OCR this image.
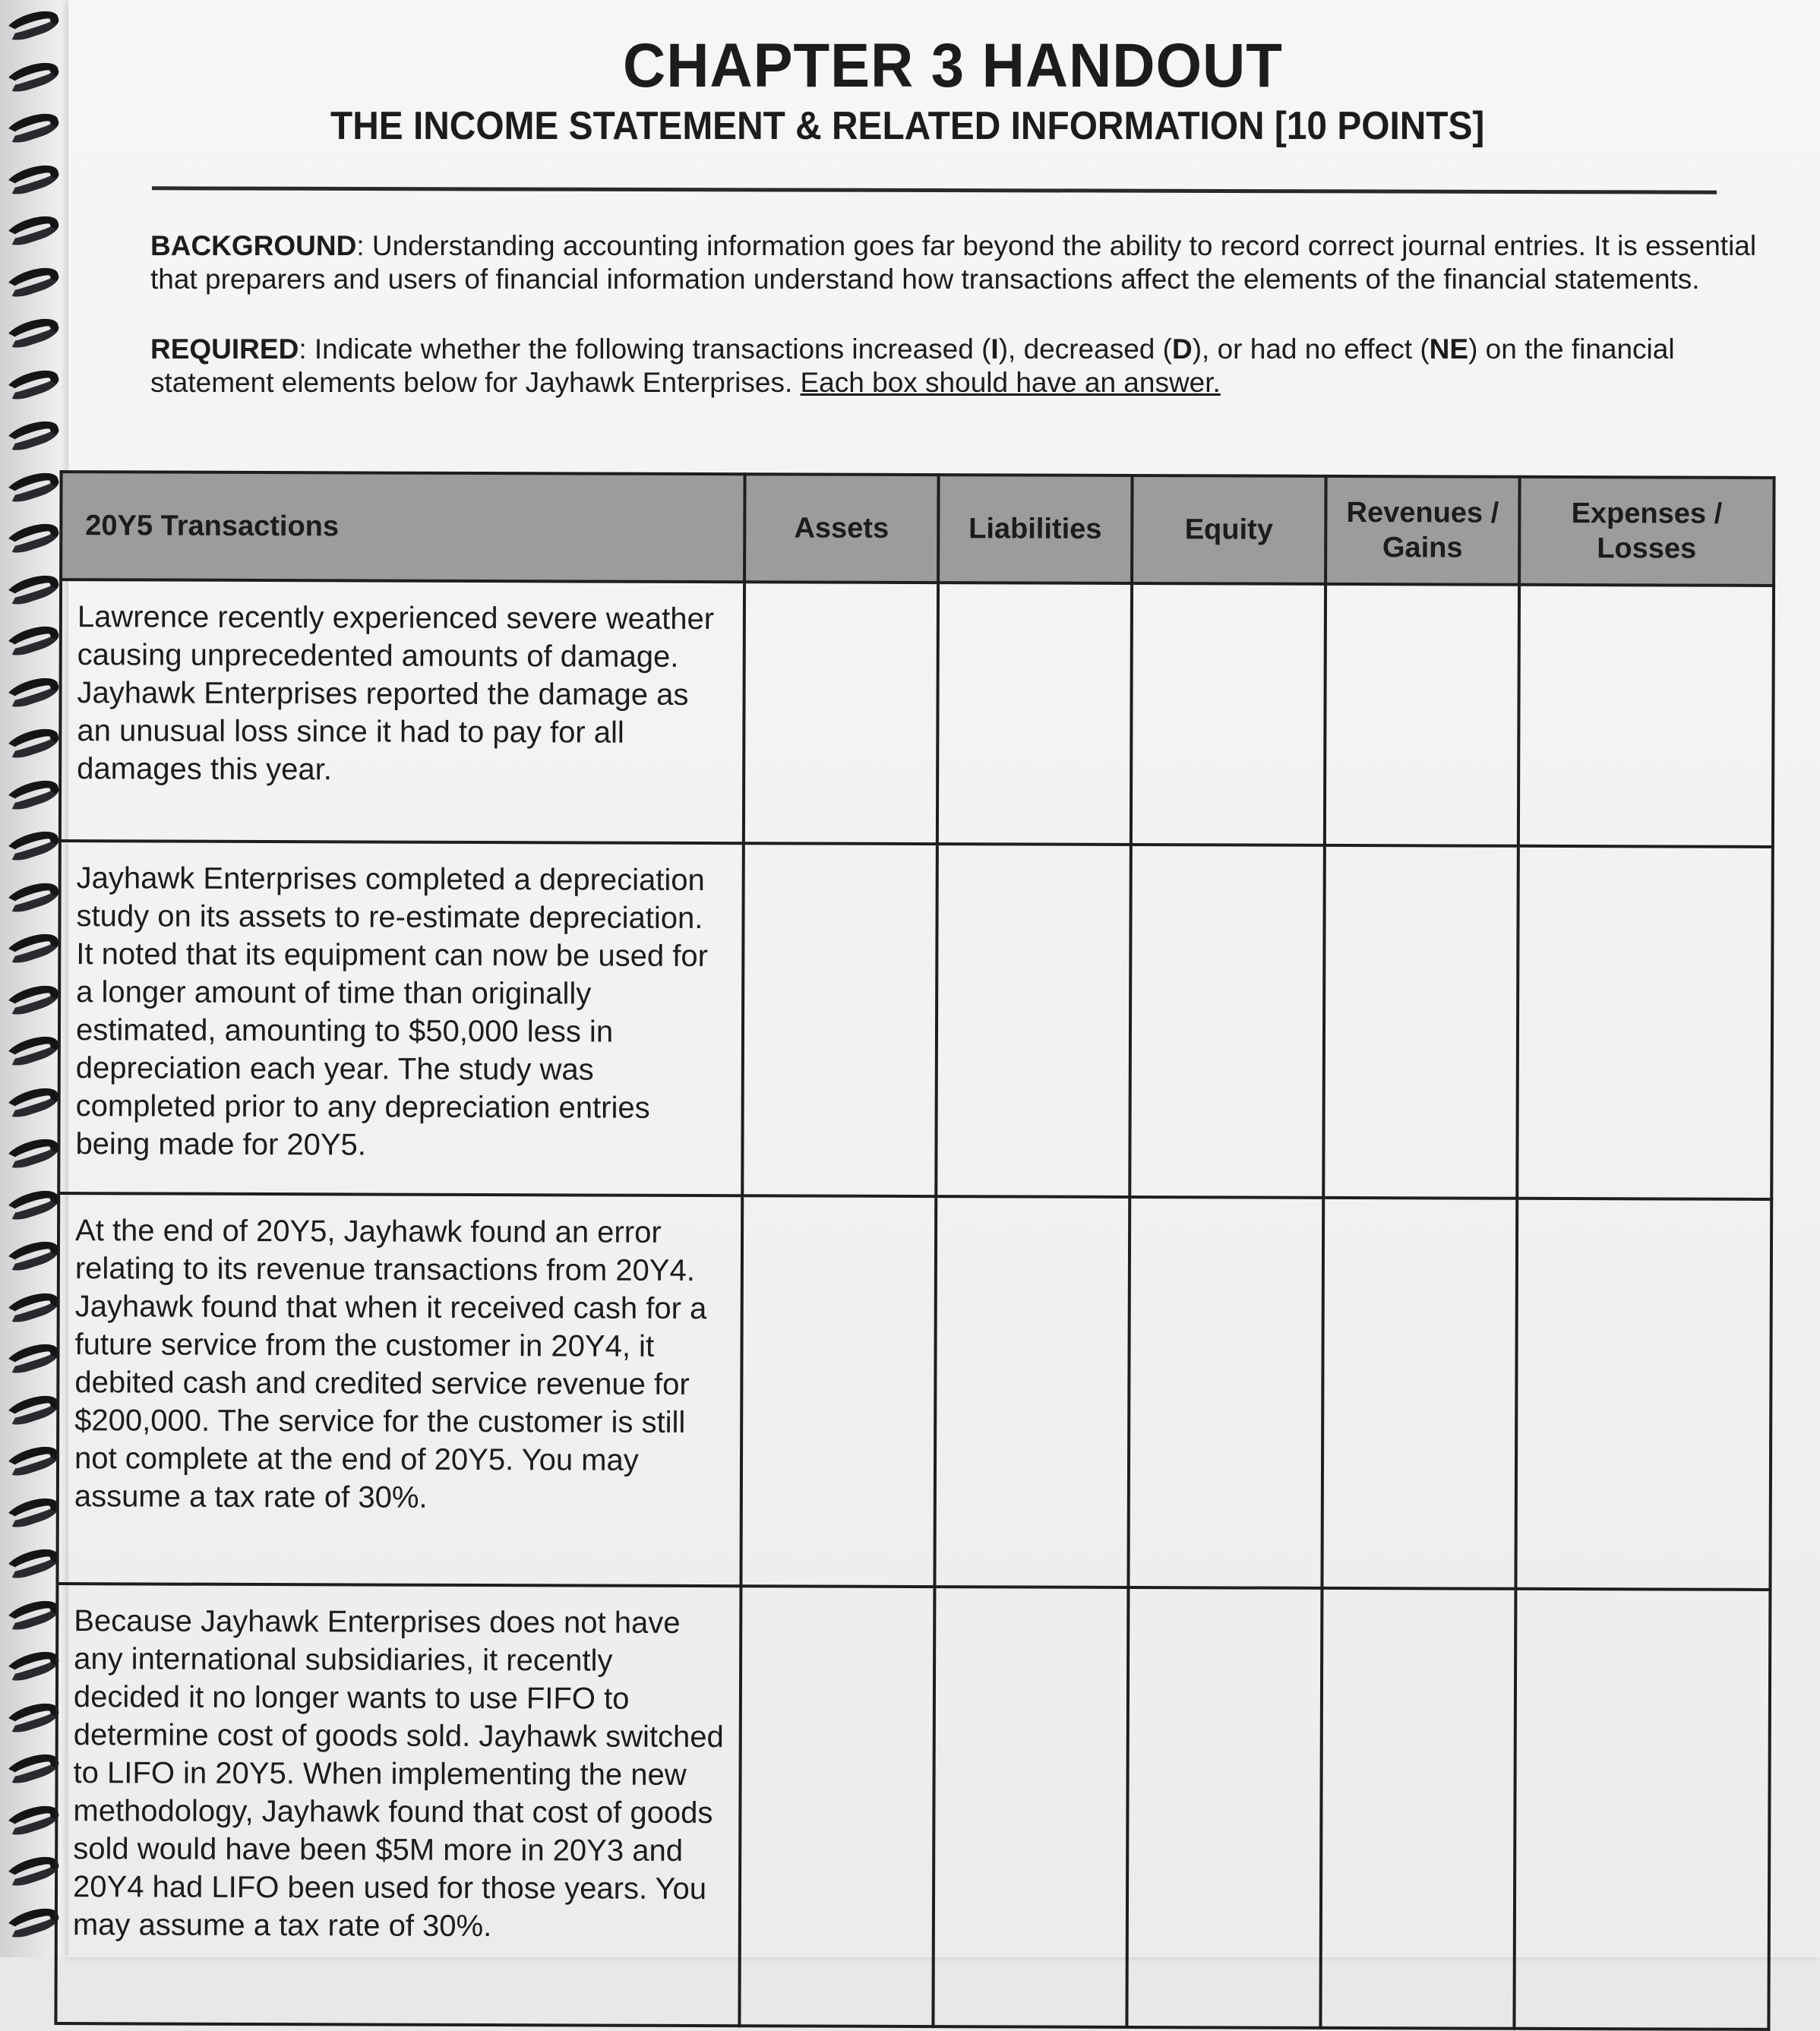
CHAPTER 3 HANDOUT
THE INCOME STATEMENT & RELATED INFORMATION [10 POINTS]

BACKGROUND: Understanding accounting information goes far beyond the ability to record correct journal entries. It is essential that preparers and users of financial information understand how transactions affect the elements of the financial statements.

REQUIRED: Indicate whether the following transactions increased (I), decreased (D), or had no effect (NE) on the financial statement elements below for Jayhawk Enterprises. Each box should have an answer.

20Y5 Transactions	Assets	Liabilities	Equity	Revenues / Gains	Expenses / Losses
Lawrence recently experienced severe weather causing unprecedented amounts of damage. Jayhawk Enterprises reported the damage as an unusual loss since it had to pay for all damages this year.					
Jayhawk Enterprises completed a depreciation study on its assets to re-estimate depreciation. It noted that its equipment can now be used for a longer amount of time than originally estimated, amounting to $50,000 less in depreciation each year. The study was completed prior to any depreciation entries being made for 20Y5.					
At the end of 20Y5, Jayhawk found an error relating to its revenue transactions from 20Y4. Jayhawk found that when it received cash for a future service from the customer in 20Y4, it debited cash and credited service revenue for $200,000. The service for the customer is still not complete at the end of 20Y5. You may assume a tax rate of 30%.					
Because Jayhawk Enterprises does not have any international subsidiaries, it recently decided it no longer wants to use FIFO to determine cost of goods sold. Jayhawk switched to LIFO in 20Y5. When implementing the new methodology, Jayhawk found that cost of goods sold would have been $5M more in 20Y3 and 20Y4 had LIFO been used for those years. You may assume a tax rate of 30%.					
